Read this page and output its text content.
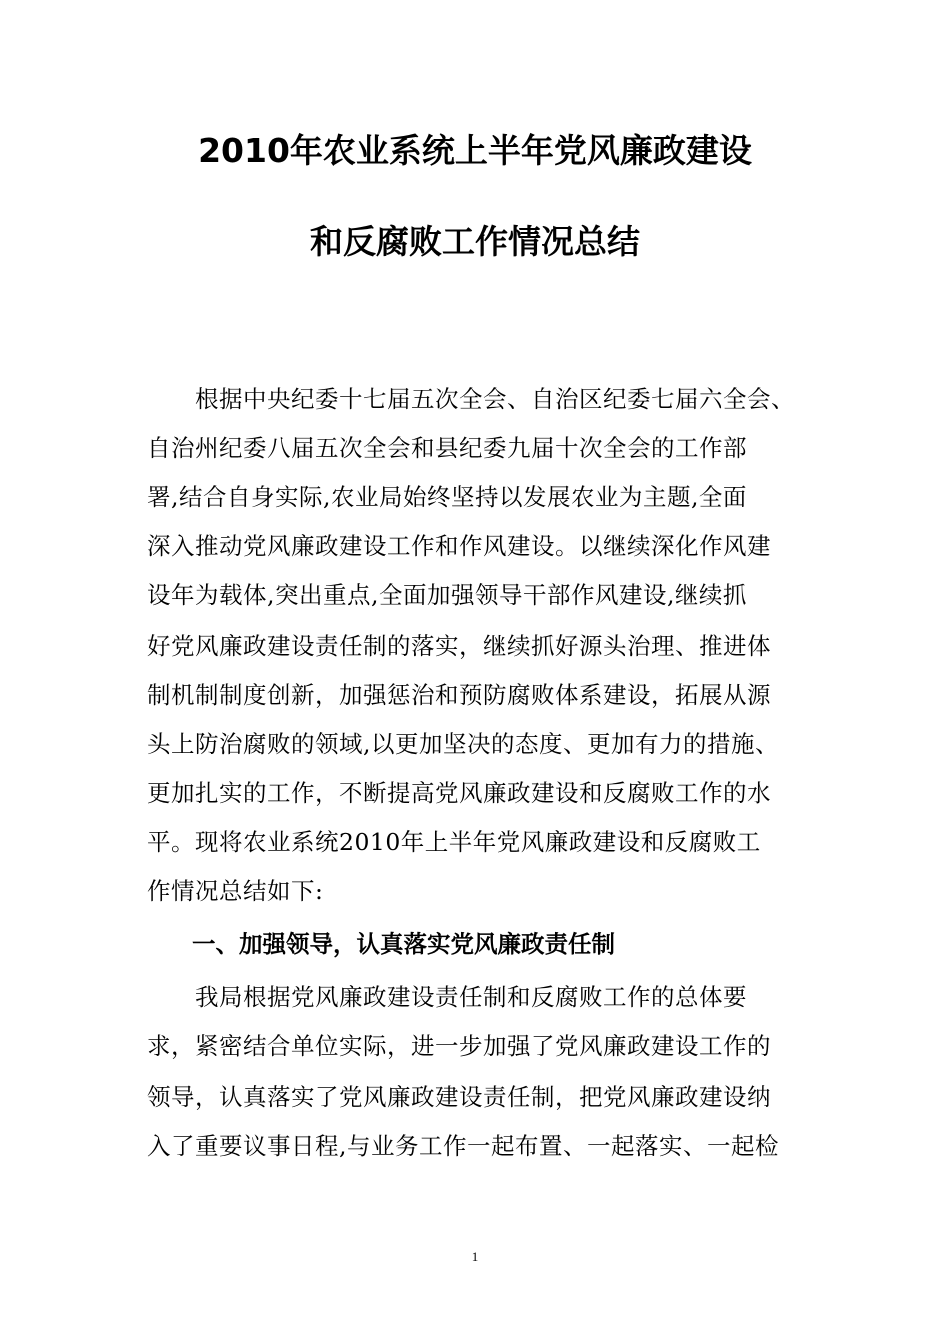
2010年农业系统上半年党风廉政建设
和反腐败工作情况总结
　　根据中央纪委十七届五次全会、自治区纪委七届六全会、
自治州纪委八届五次全会和县纪委九届十次全会的工作部
署,结合自身实际,农业局始终坚持以发展农业为主题,全面
深入推动党风廉政建设工作和作风建设。以继续深化作风建
设年为载体,突出重点,全面加强领导干部作风建设,继续抓
好党风廉政建设责任制的落实，继续抓好源头治理、推进体
制机制制度创新，加强惩治和预防腐败体系建设，拓展从源
头上防治腐败的领域,以更加坚决的态度、更加有力的措施、
更加扎实的工作，不断提高党风廉政建设和反腐败工作的水
平。现将农业系统2010年上半年党风廉政建设和反腐败工
作情况总结如下:
一、加强领导，认真落实党风廉政责任制
　　我局根据党风廉政建设责任制和反腐败工作的总体要
求，紧密结合单位实际，进一步加强了党风廉政建设工作的
领导，认真落实了党风廉政建设责任制，把党风廉政建设纳
入了重要议事日程,与业务工作一起布置、一起落实、一起检
1
